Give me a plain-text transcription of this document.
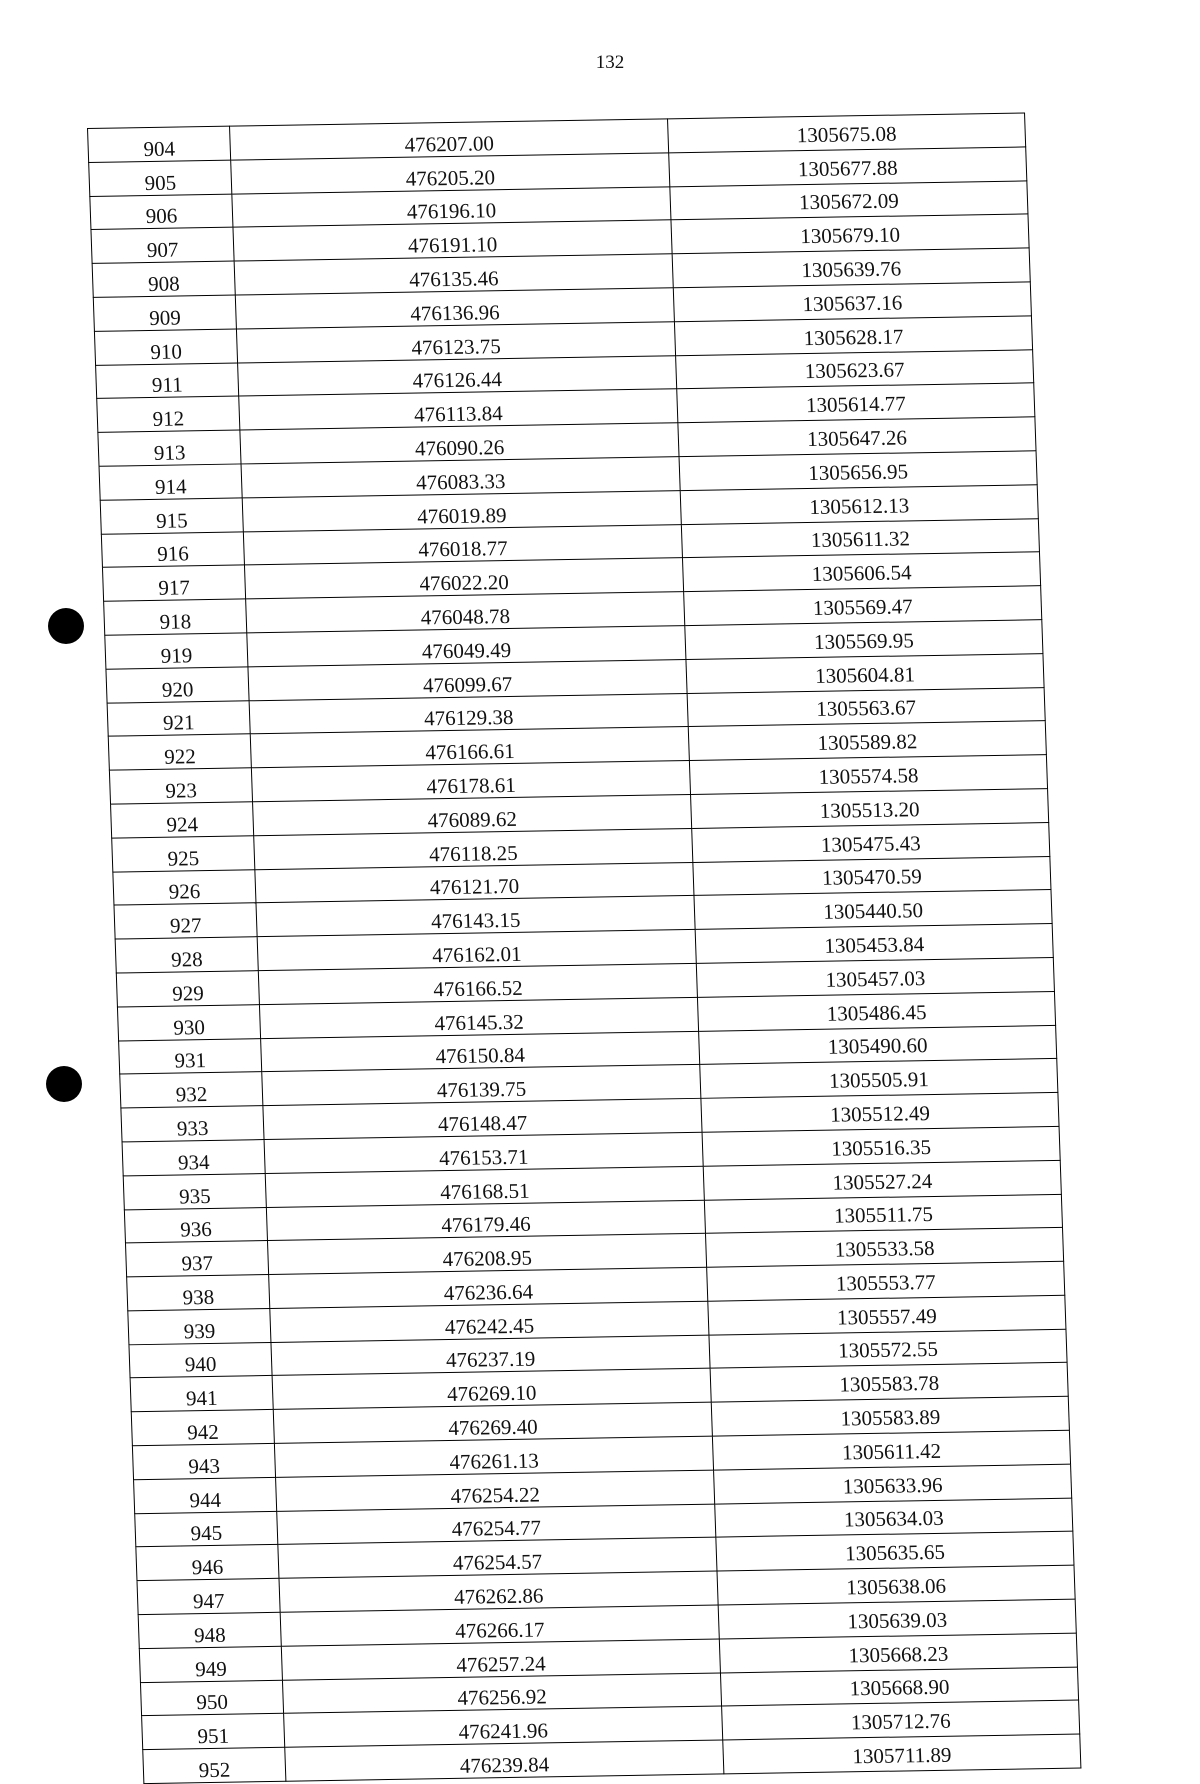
132
904	476207.00	1305675.08
905	476205.20	1305677.88
906	476196.10	1305672.09
907	476191.10	1305679.10
908	476135.46	1305639.76
909	476136.96	1305637.16
910	476123.75	1305628.17
911	476126.44	1305623.67
912	476113.84	1305614.77
913	476090.26	1305647.26
914	476083.33	1305656.95
915	476019.89	1305612.13
916	476018.77	1305611.32
917	476022.20	1305606.54
918	476048.78	1305569.47
919	476049.49	1305569.95
920	476099.67	1305604.81
921	476129.38	1305563.67
922	476166.61	1305589.82
923	476178.61	1305574.58
924	476089.62	1305513.20
925	476118.25	1305475.43
926	476121.70	1305470.59
927	476143.15	1305440.50
928	476162.01	1305453.84
929	476166.52	1305457.03
930	476145.32	1305486.45
931	476150.84	1305490.60
932	476139.75	1305505.91
933	476148.47	1305512.49
934	476153.71	1305516.35
935	476168.51	1305527.24
936	476179.46	1305511.75
937	476208.95	1305533.58
938	476236.64	1305553.77
939	476242.45	1305557.49
940	476237.19	1305572.55
941	476269.10	1305583.78
942	476269.40	1305583.89
943	476261.13	1305611.42
944	476254.22	1305633.96
945	476254.77	1305634.03
946	476254.57	1305635.65
947	476262.86	1305638.06
948	476266.17	1305639.03
949	476257.24	1305668.23
950	476256.92	1305668.90
951	476241.96	1305712.76
952	476239.84	1305711.89
